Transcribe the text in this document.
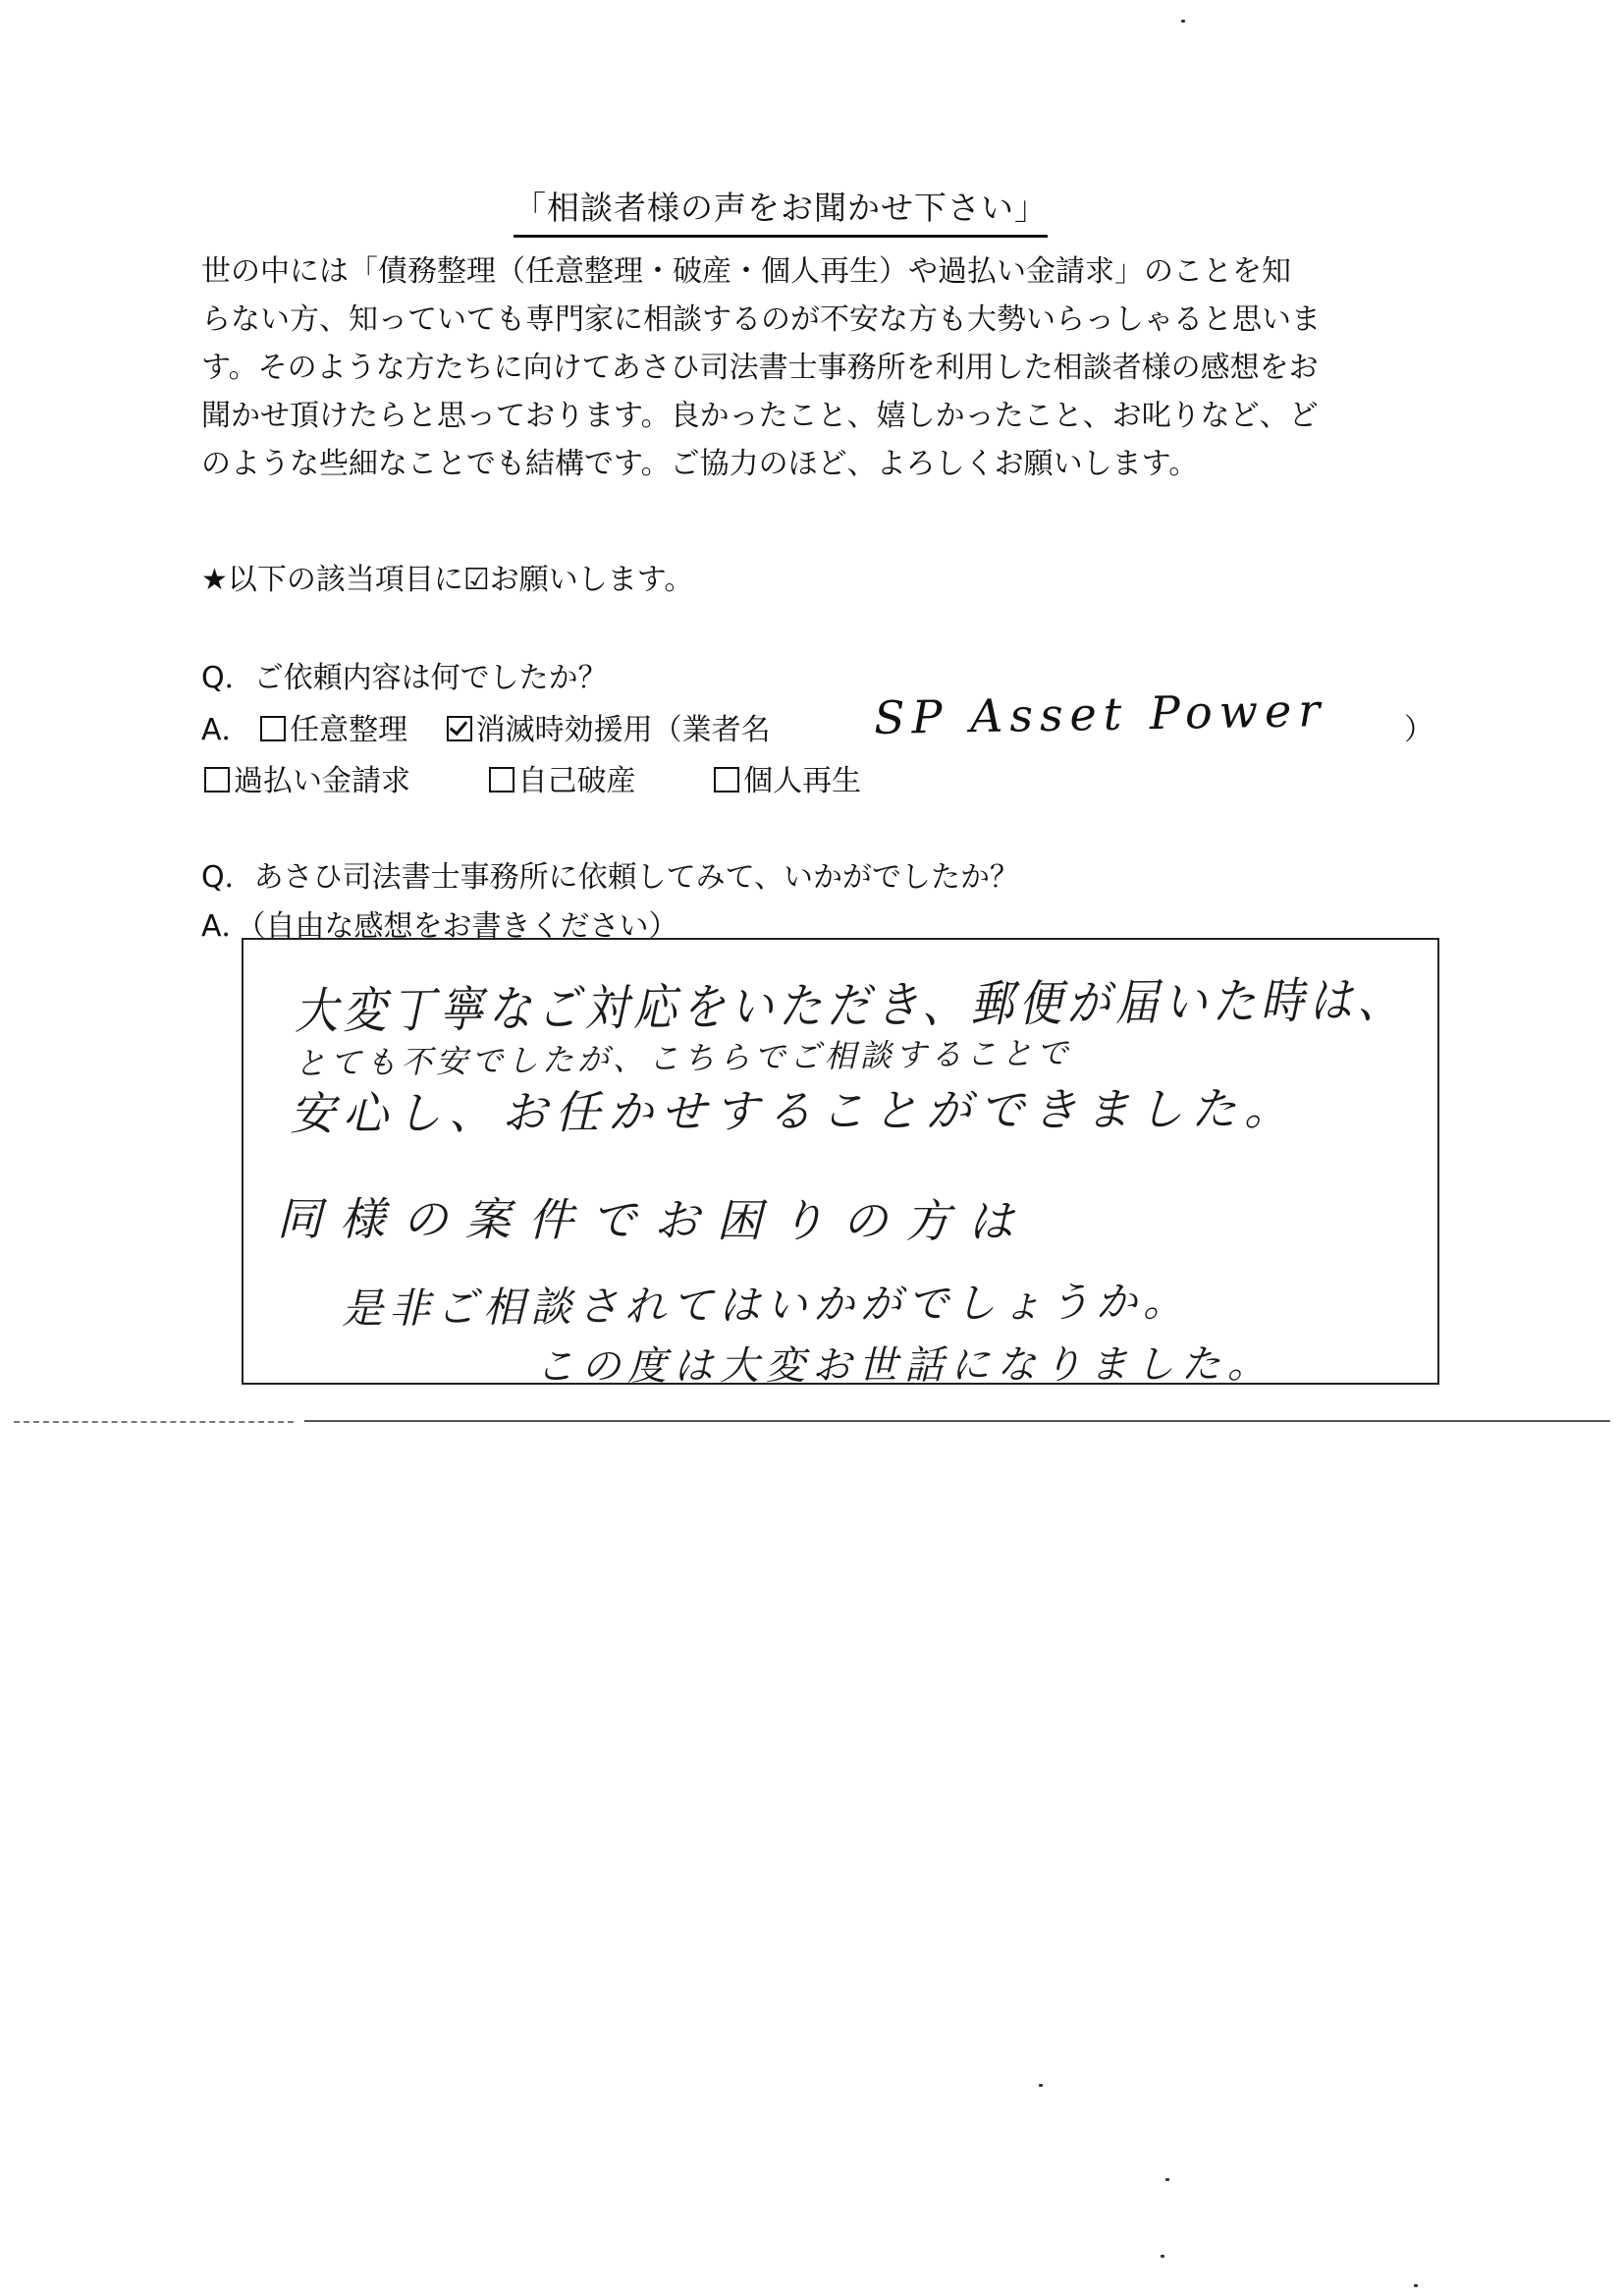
「相談者様の声をお聞かせ下さい」

世の中には「債務整理（任意整理・破産・個人再生）や過払い金請求」のことを知

らない方、知っていても専門家に相談するのが不安な方も大勢いらっしゃると思いま

す。そのような方たちに向けてあさひ司法書士事務所を利用した相談者様の感想をお

聞かせ頂けたらと思っております。良かったこと、嬉しかったこと、お叱りなど、ど

のような些細なことでも結構です。ご協力のほど、よろしくお願いします。

★以下の該当項目に☑お願いします。
Q．ご依頼内容は何でしたか？
A． 任意整理 消滅時効援用（業者名	SP Asset Power	）
過払い金請求	自己破産	個人再生
Q．あさひ司法書士事務所に依頼してみて、いかがでしたか？
A．（自由な感想をお書きください）
大変丁寧なご対応をいただき、郵便が届いた時は、
とても不安でしたが、こちらでご相談することで
安心し、お任かせすることができました。
同様の案件でお困りの方は
是非ご相談されてはいかがでしょうか。
この度は大変お世話になりました。
